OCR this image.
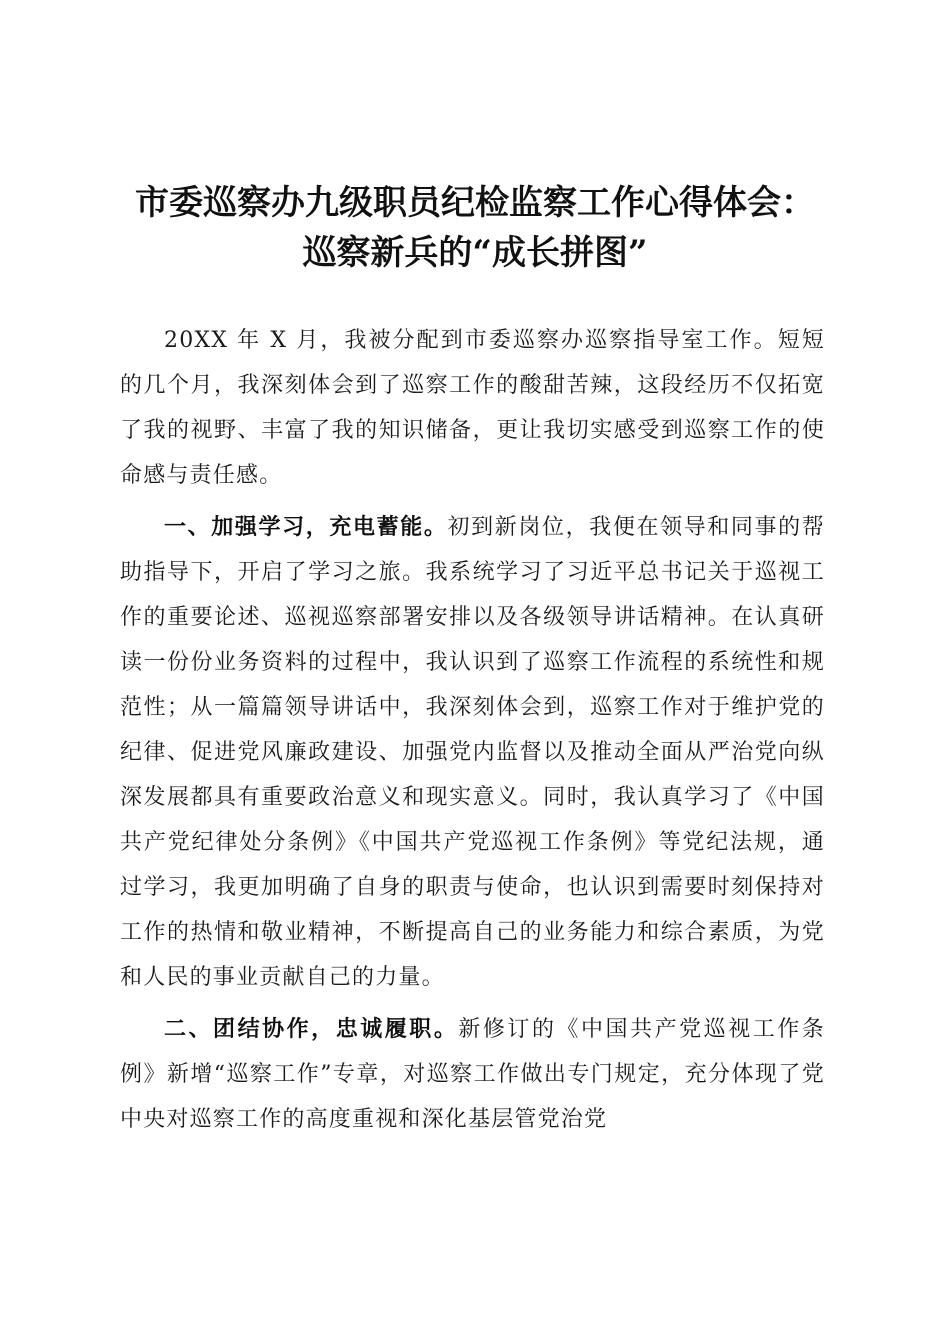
市委巡察办九级职员纪检监察工作心得体会：
巡察新兵的“成长拼图”

20XX 年 X 月，我被分配到市委巡察办巡察指导室工作。短短的几个月，我深刻体会到了巡察工作的酸甜苦辣，这段经历不仅拓宽了我的视野、丰富了我的知识储备，更让我切实感受到巡察工作的使命感与责任感。

一、加强学习，充电蓄能。初到新岗位，我便在领导和同事的帮助指导下，开启了学习之旅。我系统学习了习近平总书记关于巡视工作的重要论述、巡视巡察部署安排以及各级领导讲话精神。在认真研读一份份业务资料的过程中，我认识到了巡察工作流程的系统性和规范性；从一篇篇领导讲话中，我深刻体会到，巡察工作对于维护党的纪律、促进党风廉政建设、加强党内监督以及推动全面从严治党向纵深发展都具有重要政治意义和现实意义。同时，我认真学习了《中国共产党纪律处分条例》《中国共产党巡视工作条例》等党纪法规，通过学习，我更加明确了自身的职责与使命，也认识到需要时刻保持对工作的热情和敬业精神，不断提高自己的业务能力和综合素质，为党和人民的事业贡献自己的力量。

二、团结协作，忠诚履职。新修订的《中国共产党巡视工作条例》新增“巡察工作”专章，对巡察工作做出专门规定，充分体现了党中央对巡察工作的高度重视和深化基层管党治党
